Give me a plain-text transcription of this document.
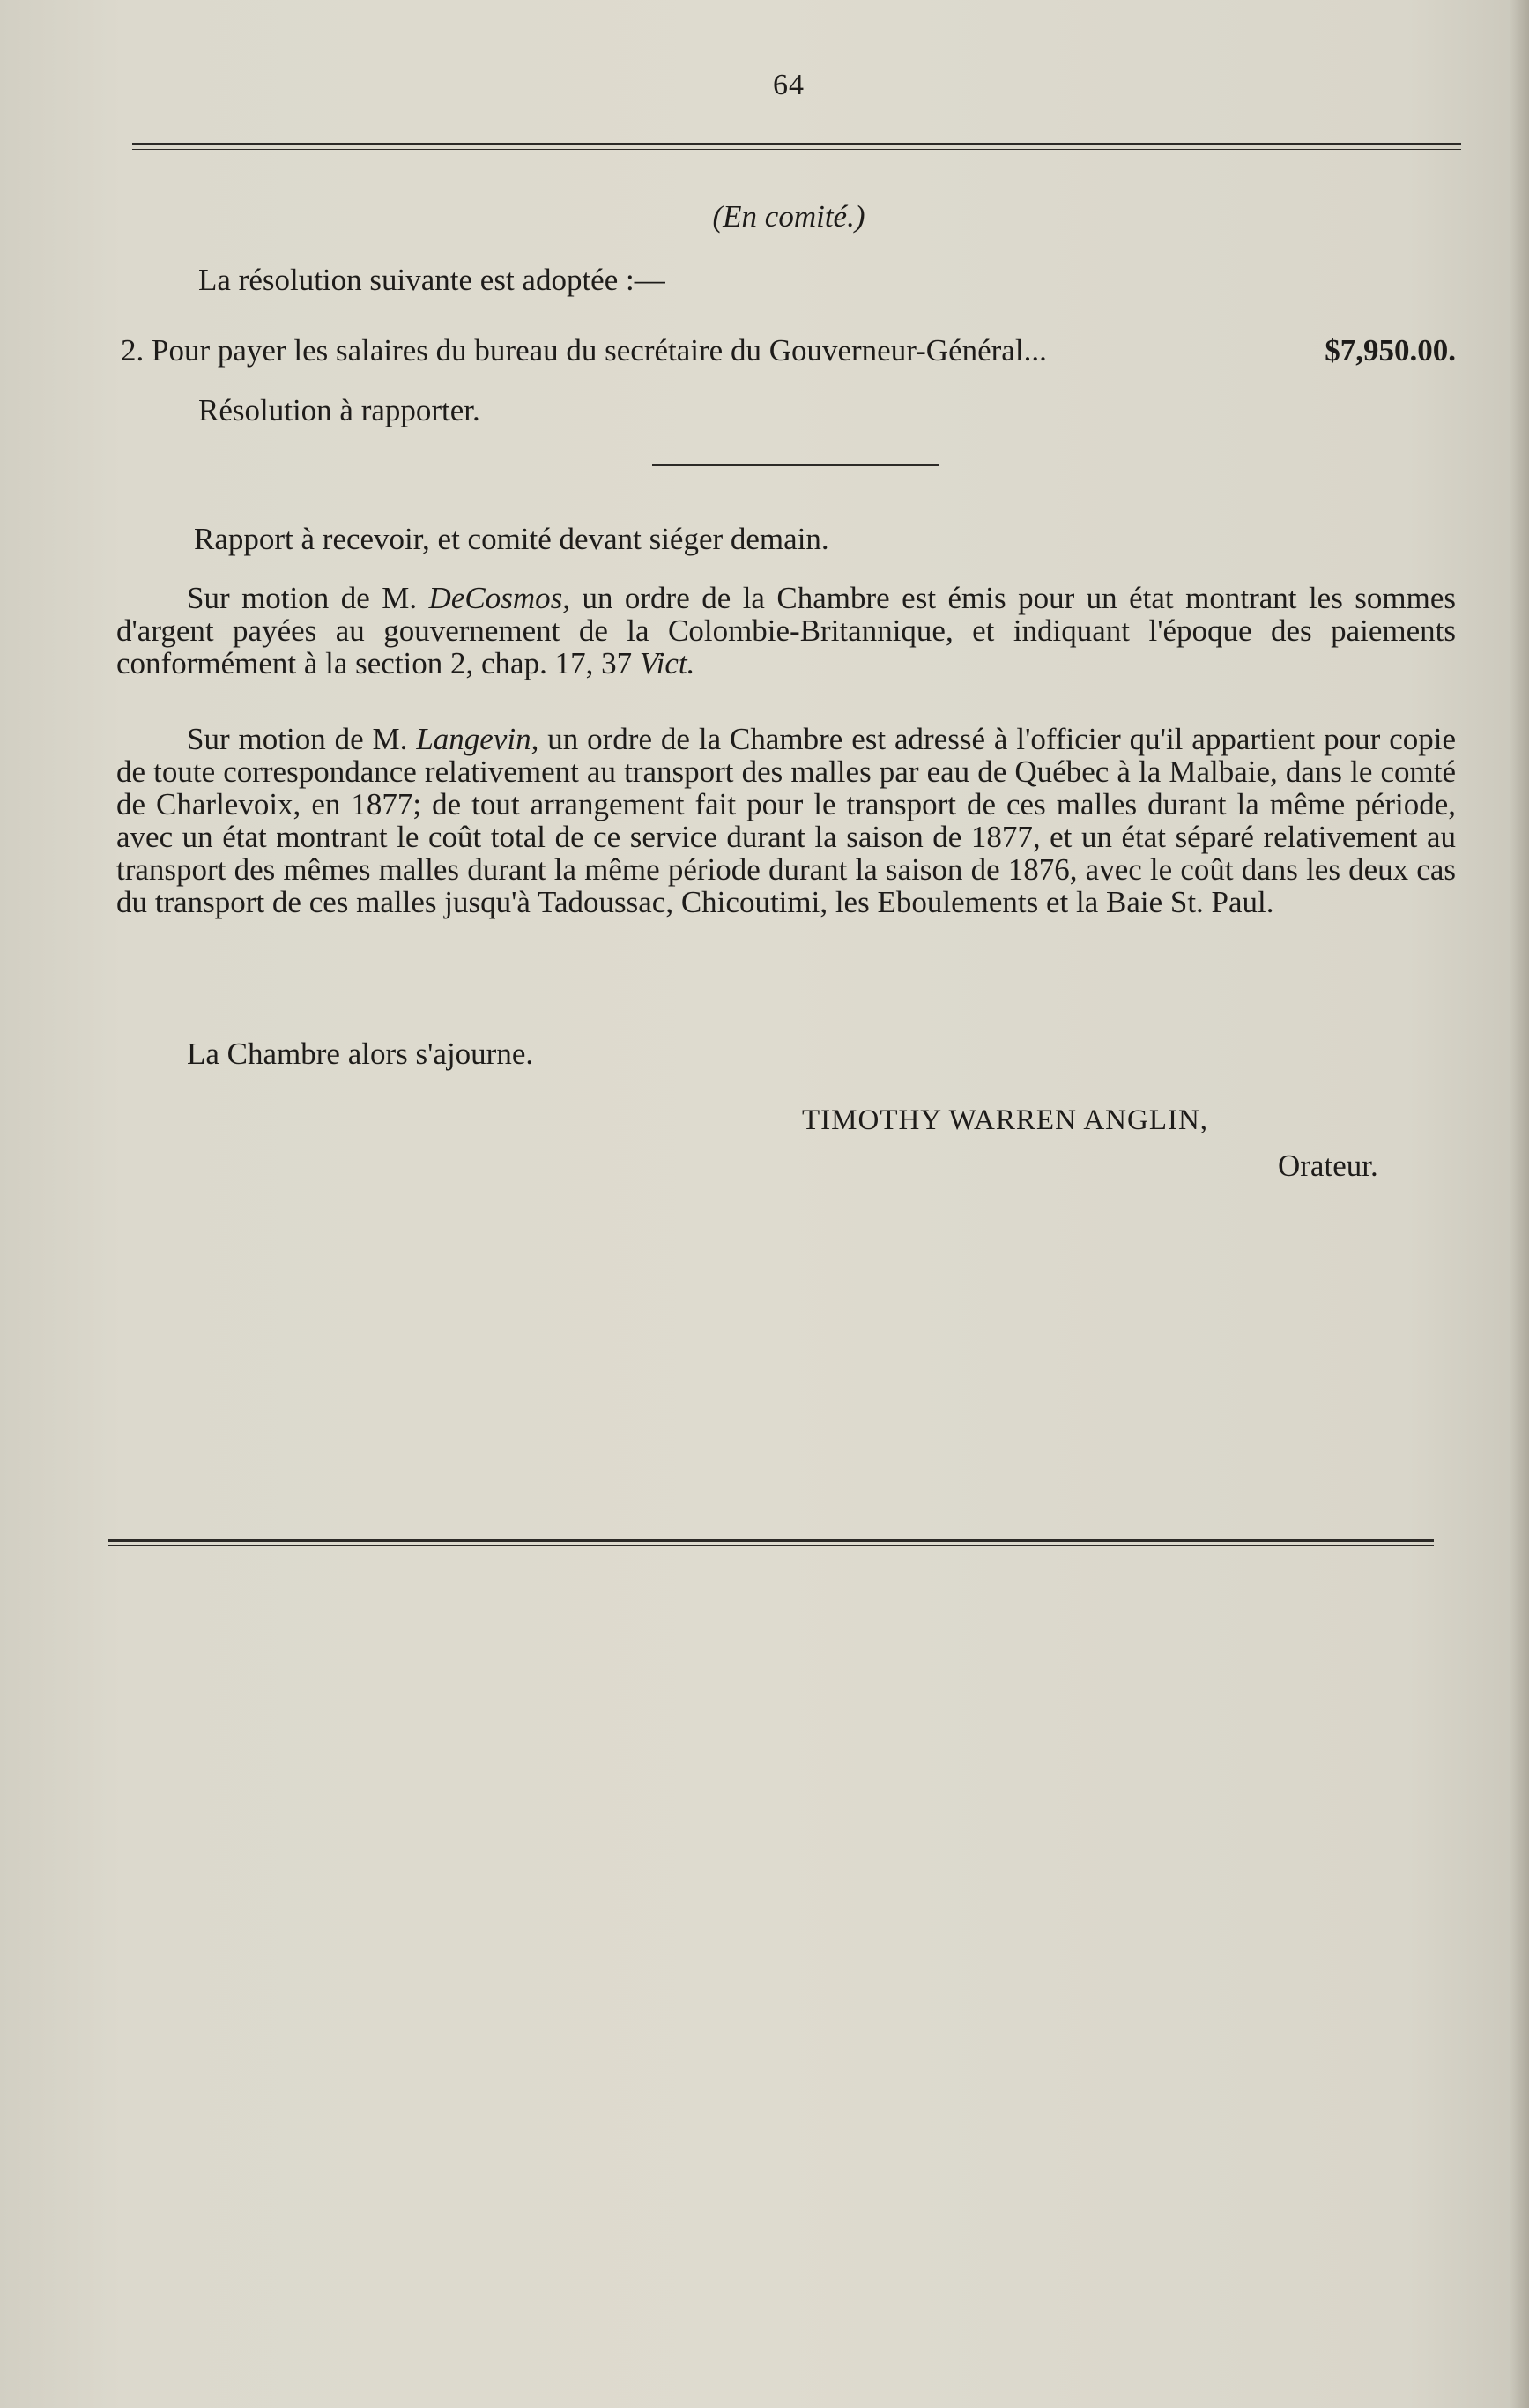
64
(En comité.)
La résolution suivante est adoptée :—
2. Pour payer les salaires du bureau du secrétaire du Gouverneur-Général...	$7,950.00.
Résolution à rapporter.
Rapport à recevoir, et comité devant siéger demain.
Sur motion de M. DeCosmos, un ordre de la Chambre est émis pour un état montrant les sommes d'argent payées au gouvernement de la Colombie-Britannique, et indiquant l'époque des paiements conformément à la section 2, chap. 17, 37 Vict.
Sur motion de M. Langevin, un ordre de la Chambre est adressé à l'officier qu'il appartient pour copie de toute correspondance relativement au transport des malles par eau de Québec à la Malbaie, dans le comté de Charlevoix, en 1877; de tout arrangement fait pour le transport de ces malles durant la même période, avec un état montrant le coût total de ce service durant la saison de 1877, et un état séparé relativement au transport des mêmes malles durant la même période durant la saison de 1876, avec le coût dans les deux cas du transport de ces malles jusqu'à Tadoussac, Chicoutimi, les Eboulements et la Baie St. Paul.
La Chambre alors s'ajourne.
TIMOTHY WARREN ANGLIN,
Orateur.
